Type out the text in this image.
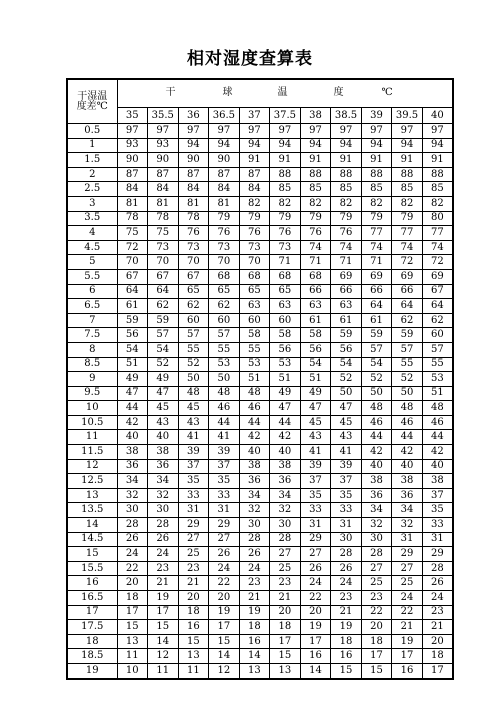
相对湿度查算表
干湿温
度差℃	干 球 温 度 ℃										

	35	35.5	36	36.5	37	37.5	38	38.5	39	39.5	40
0.5	97	97	97	97	97	97	97	97	97	97	97
1	93	93	94	94	94	94	94	94	94	94	94
1.5	90	90	90	90	91	91	91	91	91	91	91
2	87	87	87	87	87	88	88	88	88	88	88
2.5	84	84	84	84	84	85	85	85	85	85	85
3	81	81	81	81	82	82	82	82	82	82	82
3.5	78	78	78	79	79	79	79	79	79	79	80
4	75	75	76	76	76	76	76	76	77	77	77
4.5	72	73	73	73	73	73	74	74	74	74	74
5	70	70	70	70	70	71	71	71	71	72	72
5.5	67	67	67	68	68	68	68	69	69	69	69
6	64	64	65	65	65	65	66	66	66	66	67
6.5	61	62	62	62	63	63	63	63	64	64	64
7	59	59	60	60	60	60	61	61	61	62	62
7.5	56	57	57	57	58	58	58	59	59	59	60
8	54	54	55	55	55	56	56	56	57	57	57
8.5	51	52	52	53	53	53	54	54	54	55	55
9	49	49	50	50	51	51	51	52	52	52	53
9.5	47	47	48	48	48	49	49	50	50	50	51
10	44	45	45	46	46	47	47	47	48	48	48
10.5	42	43	43	44	44	44	45	45	46	46	46
11	40	40	41	41	42	42	43	43	44	44	44
11.5	38	38	39	39	40	40	41	41	42	42	42
12	36	36	37	37	38	38	39	39	40	40	40
12.5	34	34	35	35	36	36	37	37	38	38	38
13	32	32	33	33	34	34	35	35	36	36	37
13.5	30	30	31	31	32	32	33	33	34	34	35
14	28	28	29	29	30	30	31	31	32	32	33
14.5	26	26	27	27	28	28	29	30	30	31	31
15	24	24	25	26	26	27	27	28	28	29	29
15.5	22	23	23	24	24	25	26	26	27	27	28
16	20	21	21	22	23	23	24	24	25	25	26
16.5	18	19	20	20	21	21	22	23	23	24	24
17	17	17	18	19	19	20	20	21	22	22	23
17.5	15	15	16	17	18	18	19	19	20	21	21
18	13	14	15	15	16	17	17	18	18	19	20
18.5	11	12	13	14	14	15	16	16	17	17	18
19	10	11	11	12	13	13	14	15	15	16	17
